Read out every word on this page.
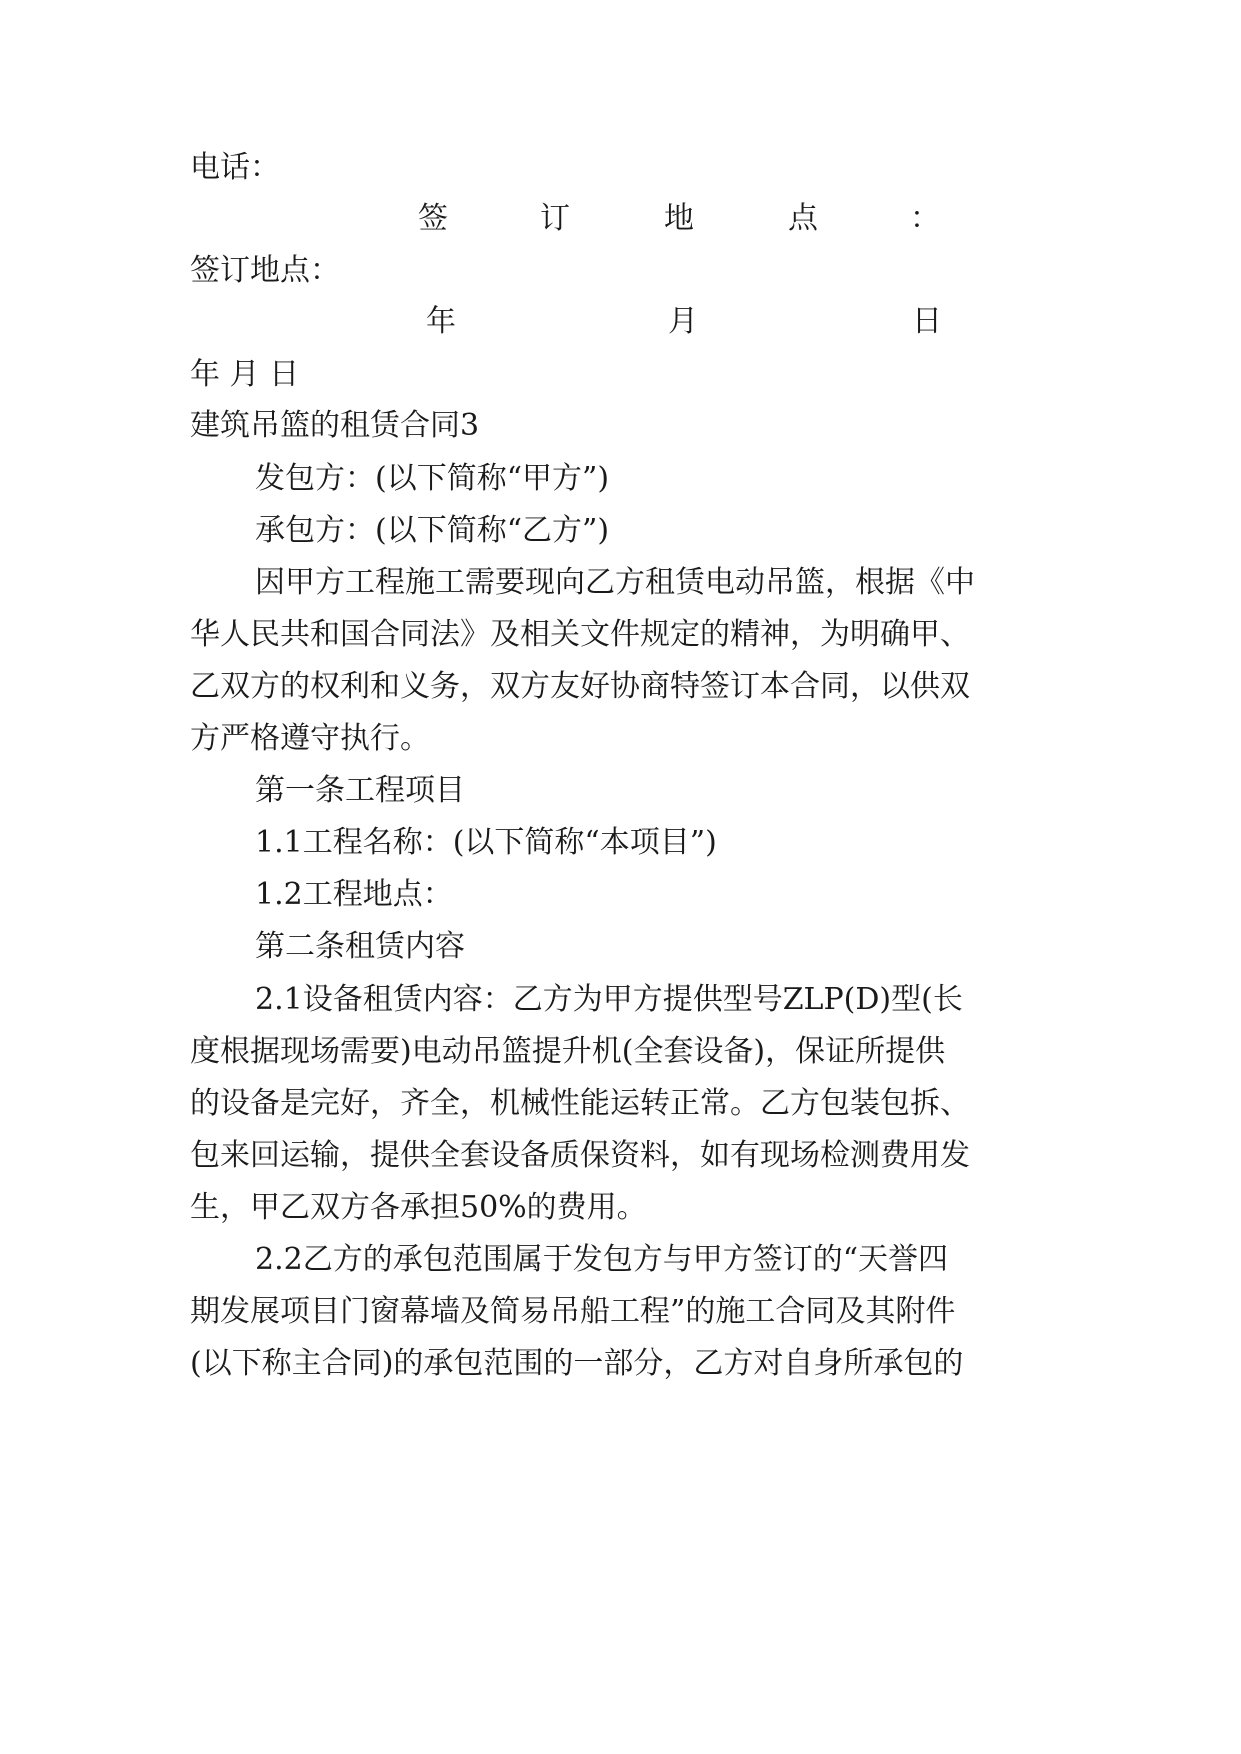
电话：
签	订	地	点	：
签订地点：
年	月	日
年 月 日
建筑吊篮的租赁合同3
发包方：(以下简称“甲方”)
承包方：(以下简称“乙方”)
因甲方工程施工需要现向乙方租赁电动吊篮，根据《中
华人民共和国合同法》及相关文件规定的精神，为明确甲、
乙双方的权利和义务，双方友好协商特签订本合同，以供双
方严格遵守执行。
第一条工程项目
1.1工程名称：(以下简称“本项目”)
1.2工程地点：
第二条租赁内容
2.1设备租赁内容：乙方为甲方提供型号ZLP(D)型(长
度根据现场需要)电动吊篮提升机(全套设备)，保证所提供
的设备是完好，齐全，机械性能运转正常。乙方包装包拆、
包来回运输，提供全套设备质保资料，如有现场检测费用发
生，甲乙双方各承担50%的费用。
2.2乙方的承包范围属于发包方与甲方签订的“天誉四
期发展项目门窗幕墙及简易吊船工程”的施工合同及其附件
(以下称主合同)的承包范围的一部分，乙方对自身所承包的
